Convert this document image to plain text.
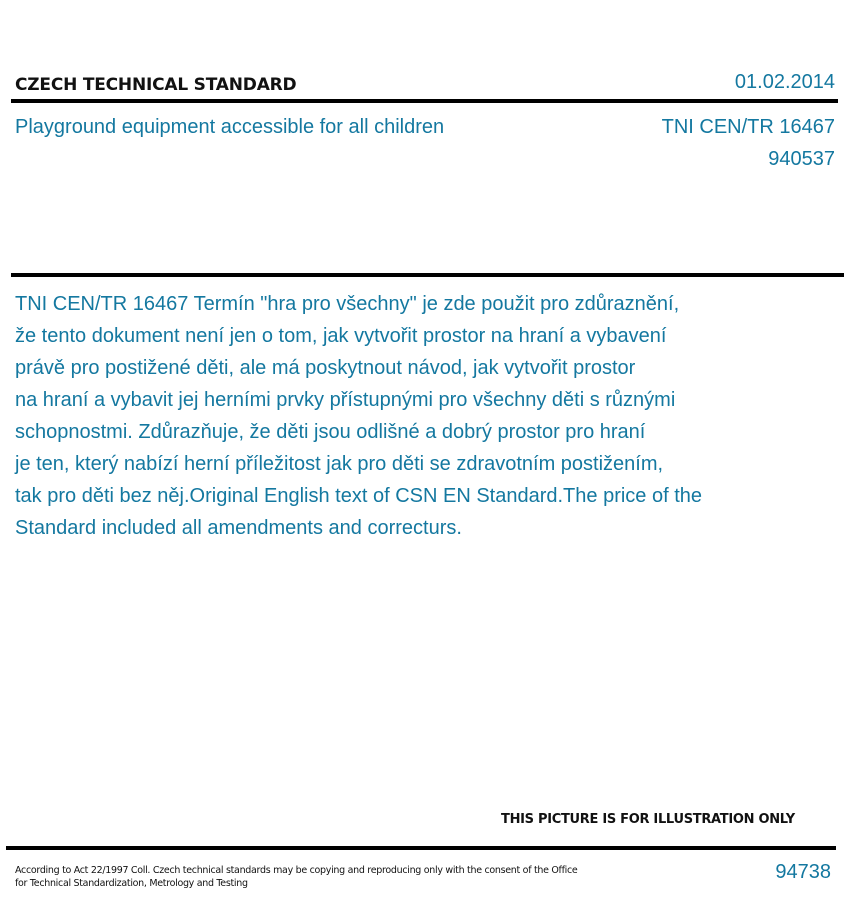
CZECH TECHNICAL STANDARD	01.02.2014
Playground equipment accessible for all children	TNI CEN/TR 16467
940537
TNI CEN/TR 16467 Termín "hra pro všechny" je zde použit pro zdůraznění,
že tento dokument není jen o tom, jak vytvořit prostor na hraní a vybavení
právě pro postižené děti, ale má poskytnout návod, jak vytvořit prostor
na hraní a vybavit jej herními prvky přístupnými pro všechny děti s různými
schopnostmi. Zdůrazňuje, že děti jsou odlišné a dobrý prostor pro hraní
je ten, který nabízí herní příležitost jak pro děti se zdravotním postižením,
tak pro děti bez něj.Original English text of CSN EN Standard.The price of the
Standard included all amendments and correcturs.
THIS PICTURE IS FOR ILLUSTRATION ONLY
According to Act 22/1997 Coll. Czech technical standards may be copying and reproducing only with the consent of the Office
for Technical Standardization, Metrology and Testing
94738
